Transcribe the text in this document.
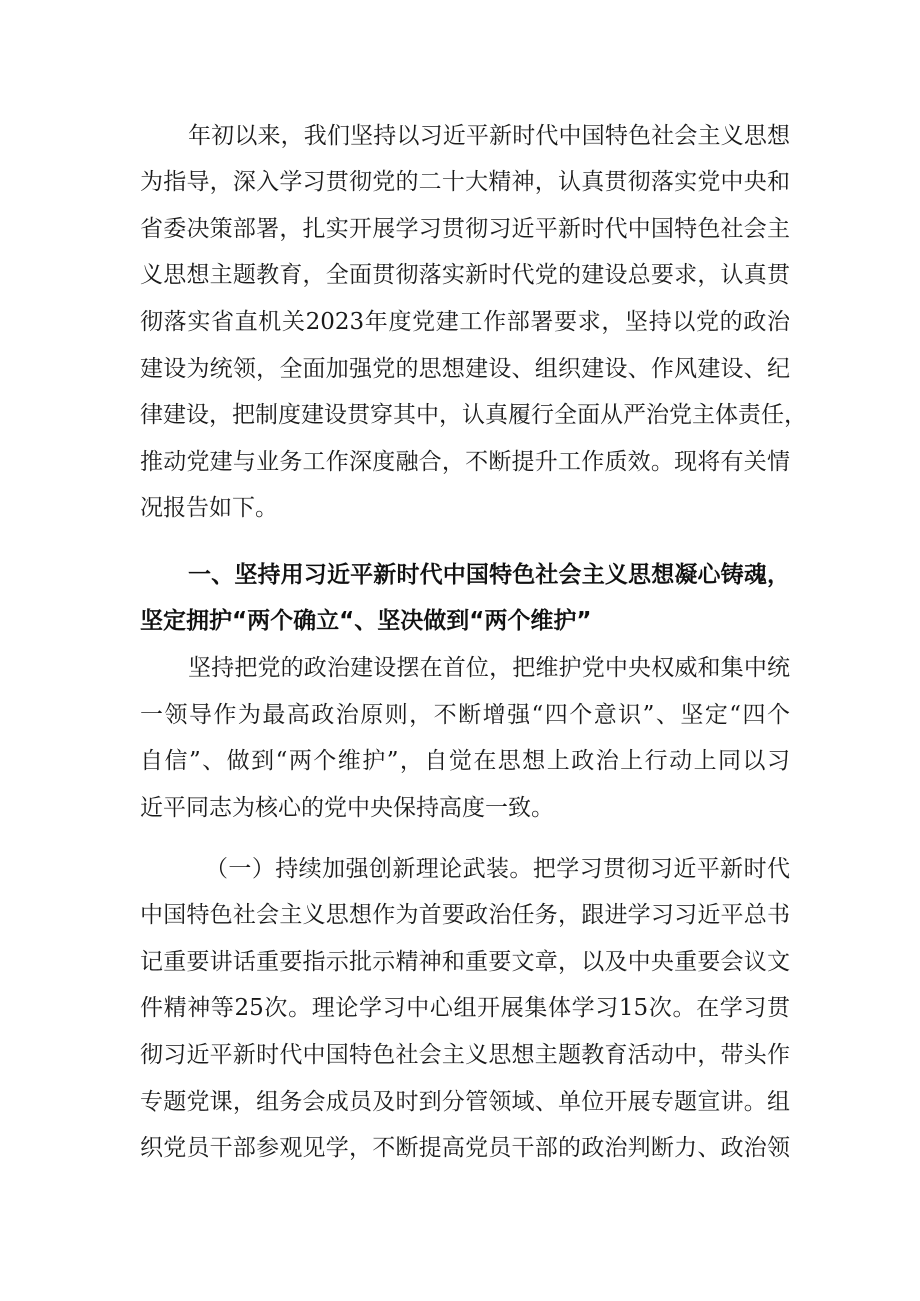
年初以来，我们坚持以习近平新时代中国特色社会主义思想
为指导，深入学习贯彻党的二十大精神，认真贯彻落实党中央和
省委决策部署，扎实开展学习贯彻习近平新时代中国特色社会主
义思想主题教育，全面贯彻落实新时代党的建设总要求，认真贯
彻落实省直机关2023年度党建工作部署要求，坚持以党的政治
建设为统领，全面加强党的思想建设、组织建设、作风建设、纪
律建设，把制度建设贯穿其中，认真履行全面从严治党主体责任，
推动党建与业务工作深度融合，不断提升工作质效。现将有关情
况报告如下。
一、坚持用习近平新时代中国特色社会主义思想凝心铸魂，
坚定拥护“两个确立“、坚决做到“两个维护”
坚持把党的政治建设摆在首位，把维护党中央权威和集中统
一领导作为最高政治原则，不断增强“四个意识”、坚定“四个
自信”、做到“两个维护”，自觉在思想上政治上行动上同以习
近平同志为核心的党中央保持高度一致。
（一）持续加强创新理论武装。把学习贯彻习近平新时代
中国特色社会主义思想作为首要政治任务，跟进学习习近平总书
记重要讲话重要指示批示精神和重要文章，以及中央重要会议文
件精神等25次。理论学习中心组开展集体学习15次。在学习贯
彻习近平新时代中国特色社会主义思想主题教育活动中，带头作
专题党课，组务会成员及时到分管领域、单位开展专题宣讲。组
织党员干部参观见学，不断提高党员干部的政治判断力、政治领
